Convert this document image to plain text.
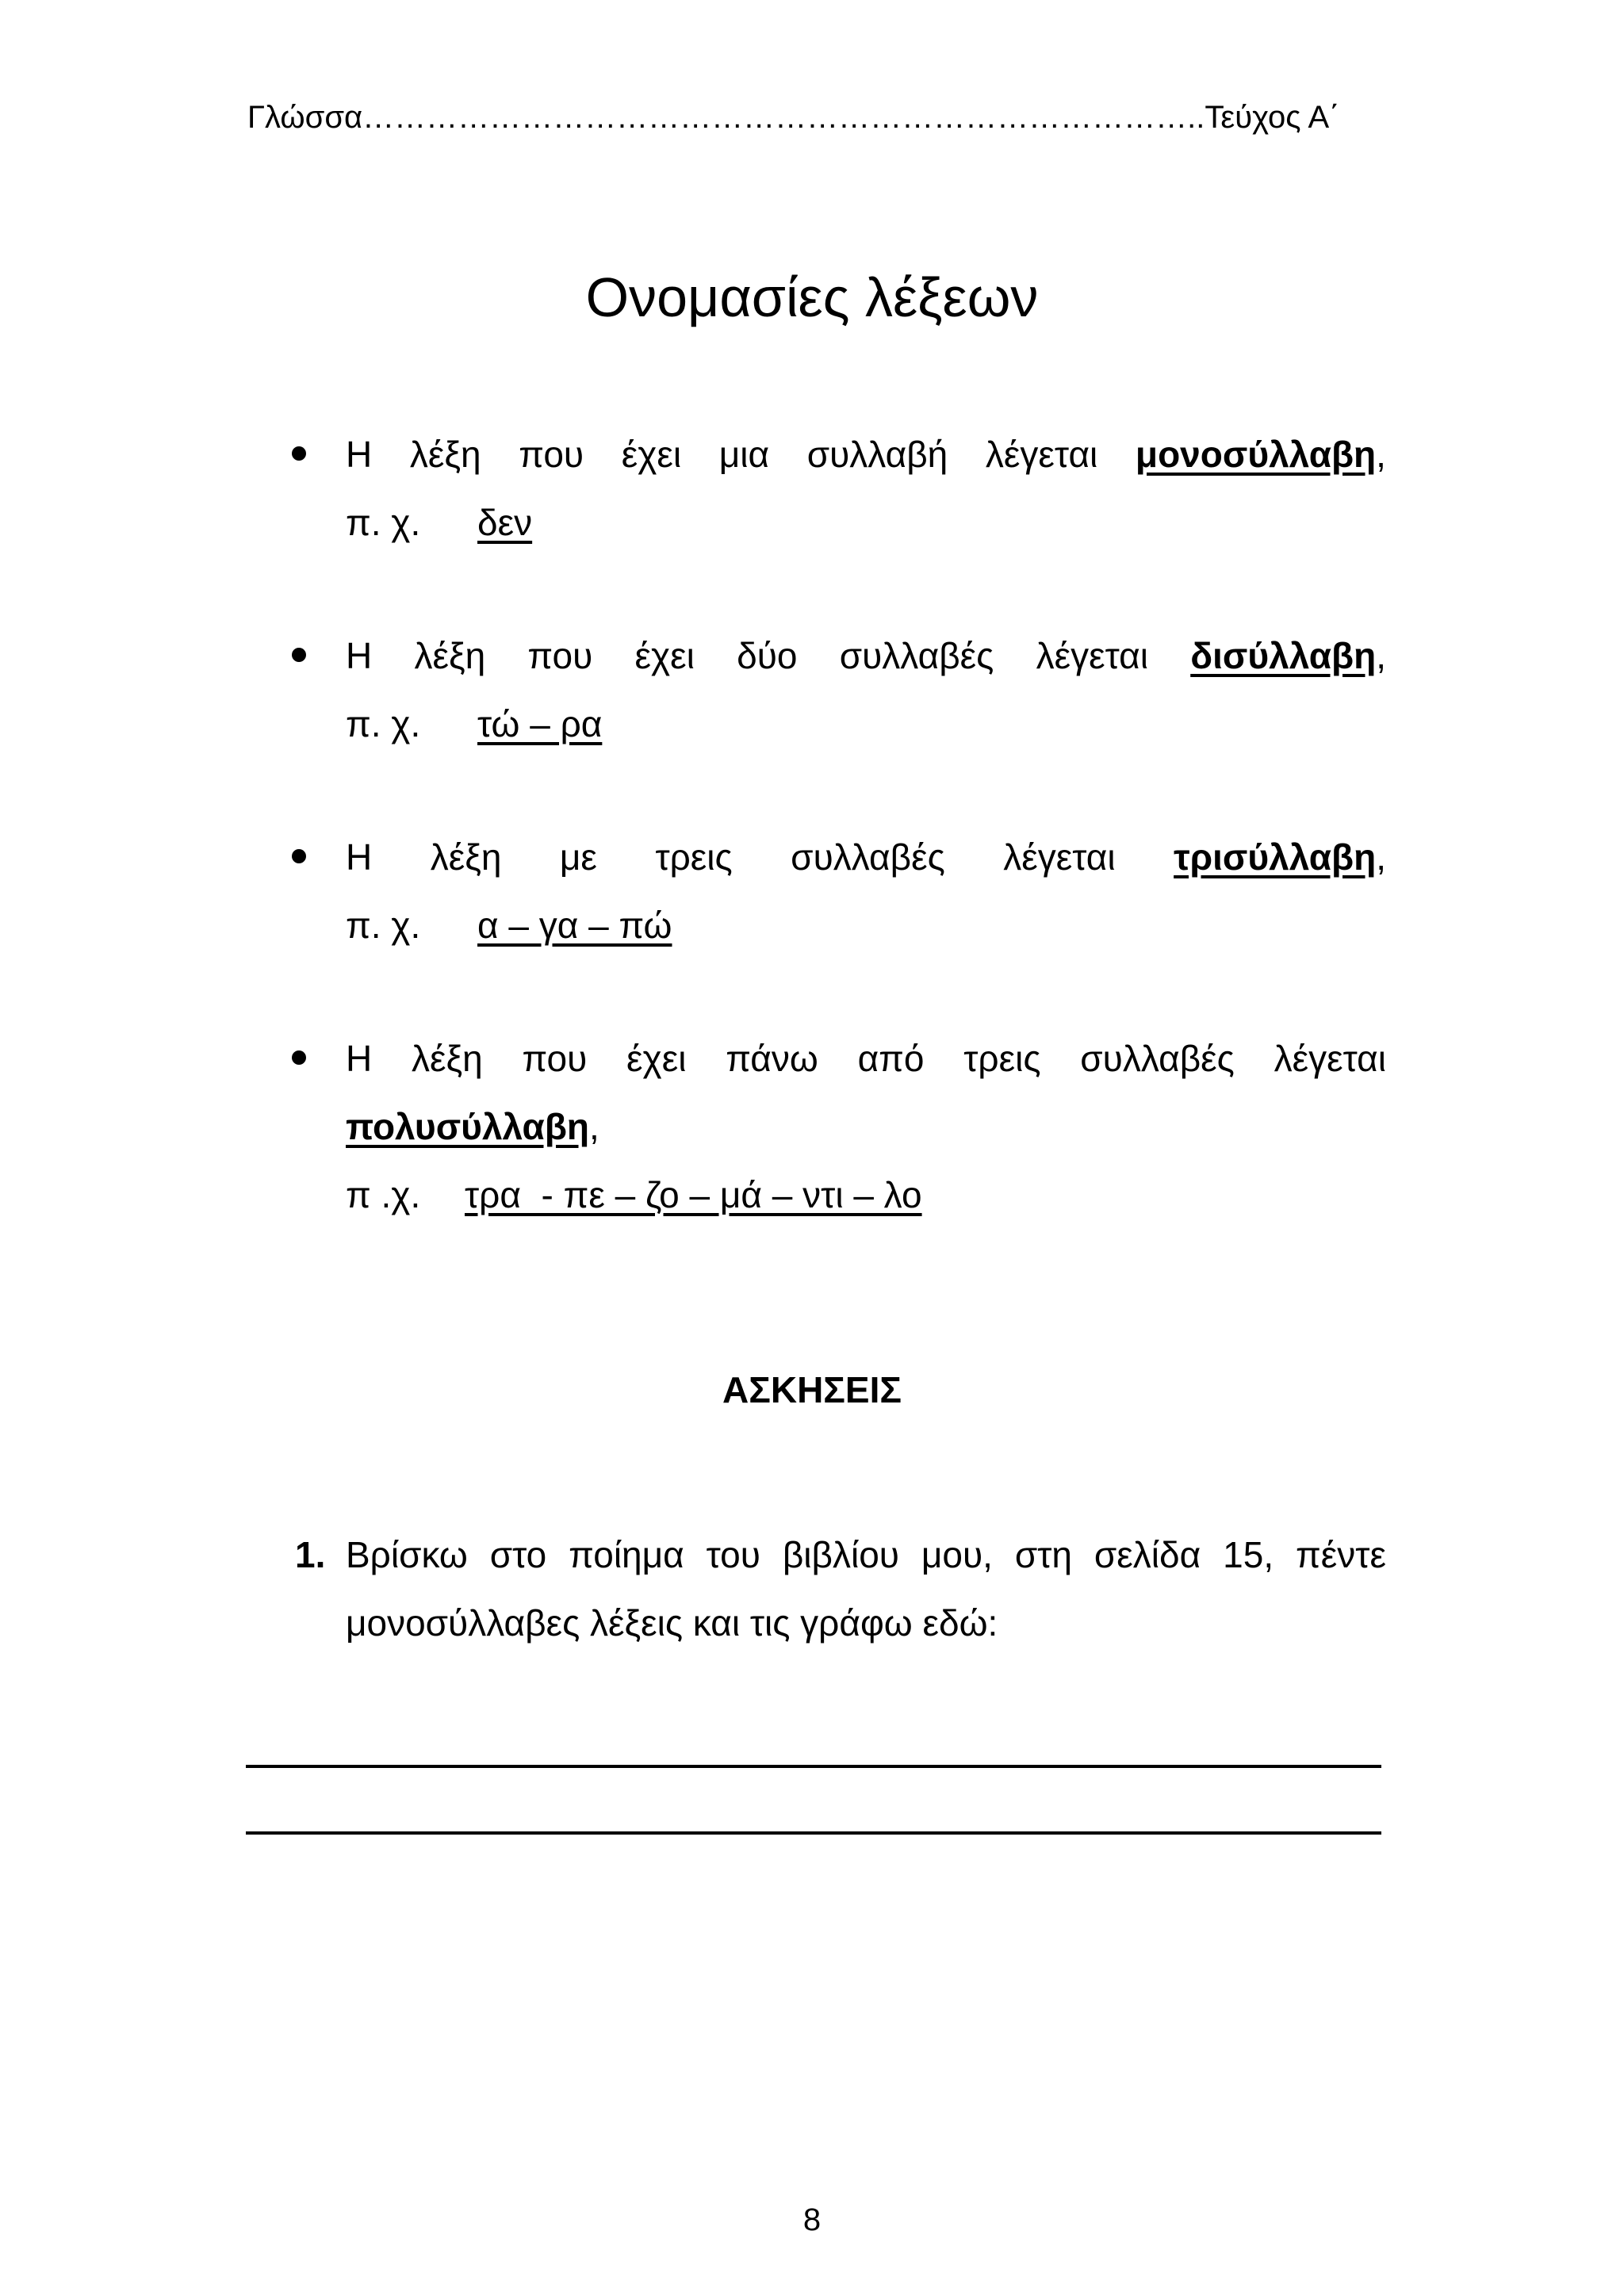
Γλώσσα……………………………………………………………………..Τεύχος Α΄
Ονομασίες λέξεων
Η λέξη που έχει μια συλλαβή λέγεται μονοσύλλαβη,
π. χ.	δεν
Η λέξη που έχει δύο συλλαβές λέγεται δισύλλαβη,
π. χ.	τώ – ρα
Η λέξη με τρεις συλλαβές λέγεται τρισύλλαβη,
π. χ.	α – γα – πώ
Η λέξη που έχει πάνω από τρεις συλλαβές λέγεται
πολυσύλλαβη,
π .χ.	τρα  - πε – ζο – μά – ντι – λο
ΑΣΚΗΣΕΙΣ
1. Βρίσκω στο ποίημα του βιβλίου μου, στη σελίδα 15, πέντε
μονοσύλλαβες λέξεις και τις γράφω εδώ:
8
